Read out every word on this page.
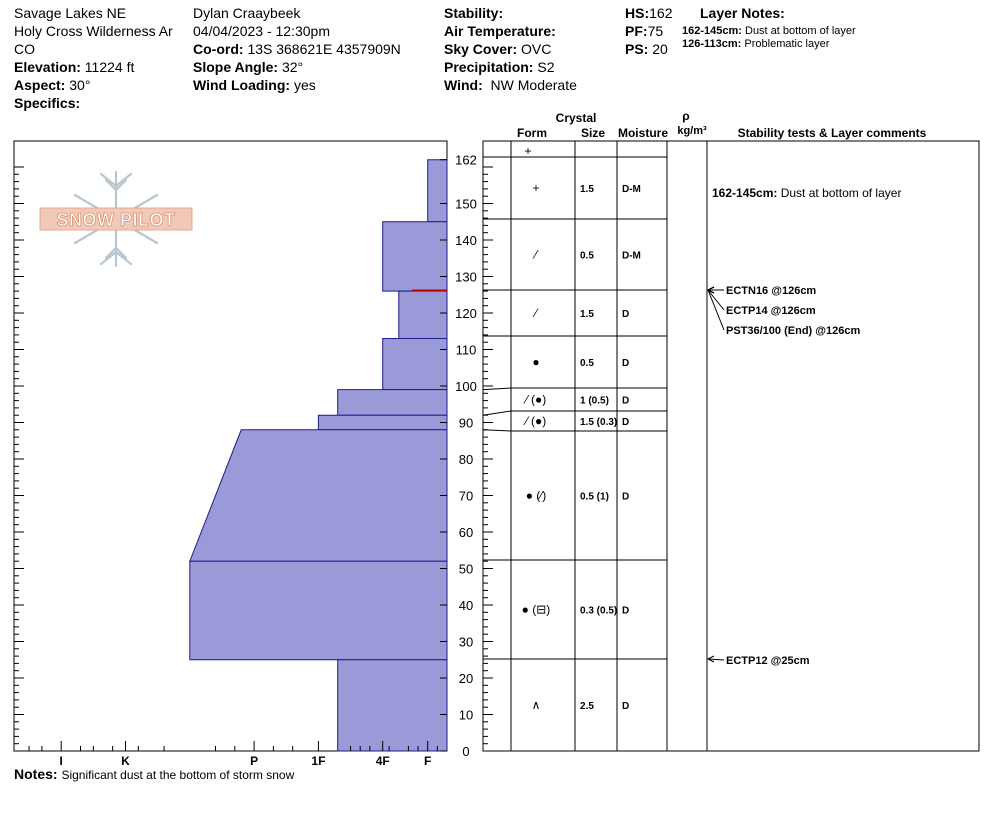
Savage Lakes NE
Holy Cross Wilderness Ar
CO
Elevation: 11224 ft
Aspect: 30°
Specifics:
Dylan Craaybeek
04/04/2023 - 12:30pm
Co-ord: 13S 368621E 4357909N
Slope Angle: 32°
Wind Loading: yes
Stability:
Air Temperature:
Sky Cover: OVC
Precipitation: S2
Wind: NW Moderate
HS:162
PF:75
PS: 20
Layer Notes:
162-145cm: Dust at bottom of layer
126-113cm: Problematic layer
Notes: Significant dust at the bottom of storm snow
SNOW PILOT
I	K	P	1F	4F	F
0
10
20
30
40
50
60
70
80
90
100
110
120
130
140
150
162
Crystal
Form	Size Moisture
ρ
kg/m³	Stability tests & Layer comments
+
+	1.5	D-M
⁄	0.5	D-M
⁄	1.5	D
●	0.5	D
⁄ (●)	1 (0.5) D
⁄ (●)	1.5 (0.3) D
● (⁄)	0.5 (1) D
● (⊟)	0.3 (0.5) D
∧	2.5	D
162-145cm: Dust at bottom of layer
ECTN16 @126cm
ECTP14 @126cm
PST36/100 (End) @126cm
ECTP12 @25cm
